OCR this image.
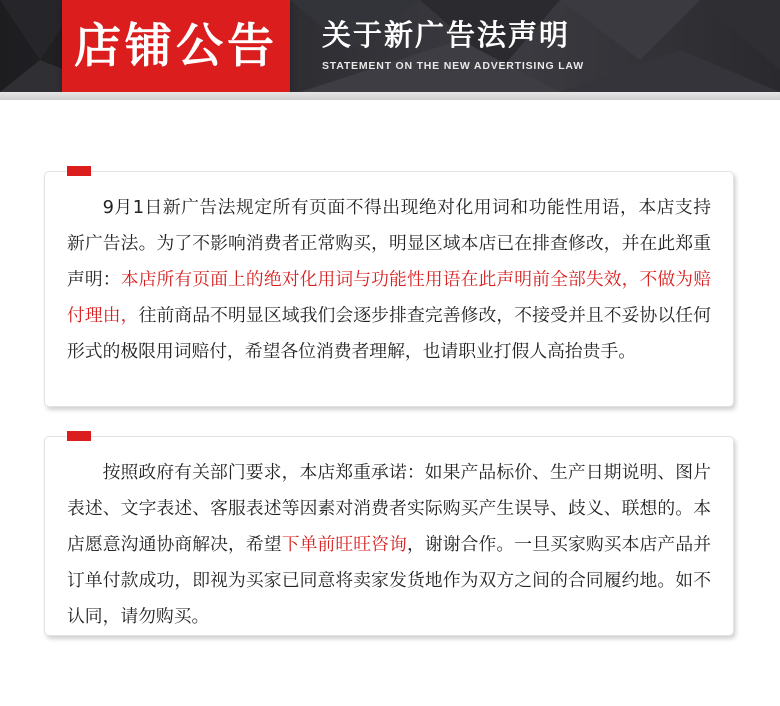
店铺公告 关于新广告法声明
STATEMENT ON THE NEW ADVERTISING LAW

9月1日新广告法规定所有页面不得出现绝对化用词和功能性用语，本店支持新广告法。为了不影响消费者正常购买，明显区域本店已在排查修改，并在此郑重声明：本店所有页面上的绝对化用词与功能性用语在此声明前全部失效，不做为赔付理由，往前商品不明显区域我们会逐步排查完善修改，不接受并且不妥协以任何形式的极限用词赔付，希望各位消费者理解，也请职业打假人高抬贵手。

按照政府有关部门要求，本店郑重承诺：如果产品标价、生产日期说明、图片表述、文字表述、客服表述等因素对消费者实际购买产生误导、歧义、联想的。本店愿意沟通协商解决，希望下单前旺旺咨询，谢谢合作。一旦买家购买本店产品并订单付款成功，即视为买家已同意将卖家发货地作为双方之间的合同履约地。如不认同，请勿购买。
